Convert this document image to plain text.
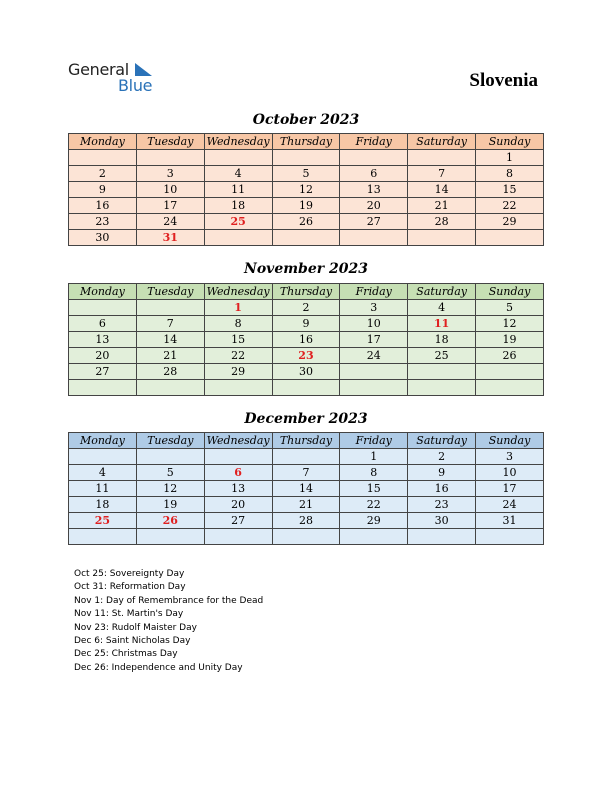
General
Blue	Slovenia
October 2023
Monday	Tuesday	Wednesday	Thursday	Friday	Saturday	Sunday
						1
2	3	4	5	6	7	8
9	10	11	12	13	14	15
16	17	18	19	20	21	22
23	24	25	26	27	28	29
30	31					
November 2023
Monday	Tuesday	Wednesday	Thursday	Friday	Saturday	Sunday
		1	2	3	4	5
6	7	8	9	10	11	12
13	14	15	16	17	18	19
20	21	22	23	24	25	26
27	28	29	30			

December 2023
Monday	Tuesday	Wednesday	Thursday	Friday	Saturday	Sunday
				1	2	3
4	5	6	7	8	9	10
11	12	13	14	15	16	17
18	19	20	21	22	23	24
25	26	27	28	29	30	31

Oct 25: Sovereignty Day
Oct 31: Reformation Day
Nov 1: Day of Remembrance for the Dead
Nov 11: St. Martin's Day
Nov 23: Rudolf Maister Day
Dec 6: Saint Nicholas Day
Dec 25: Christmas Day
Dec 26: Independence and Unity Day
